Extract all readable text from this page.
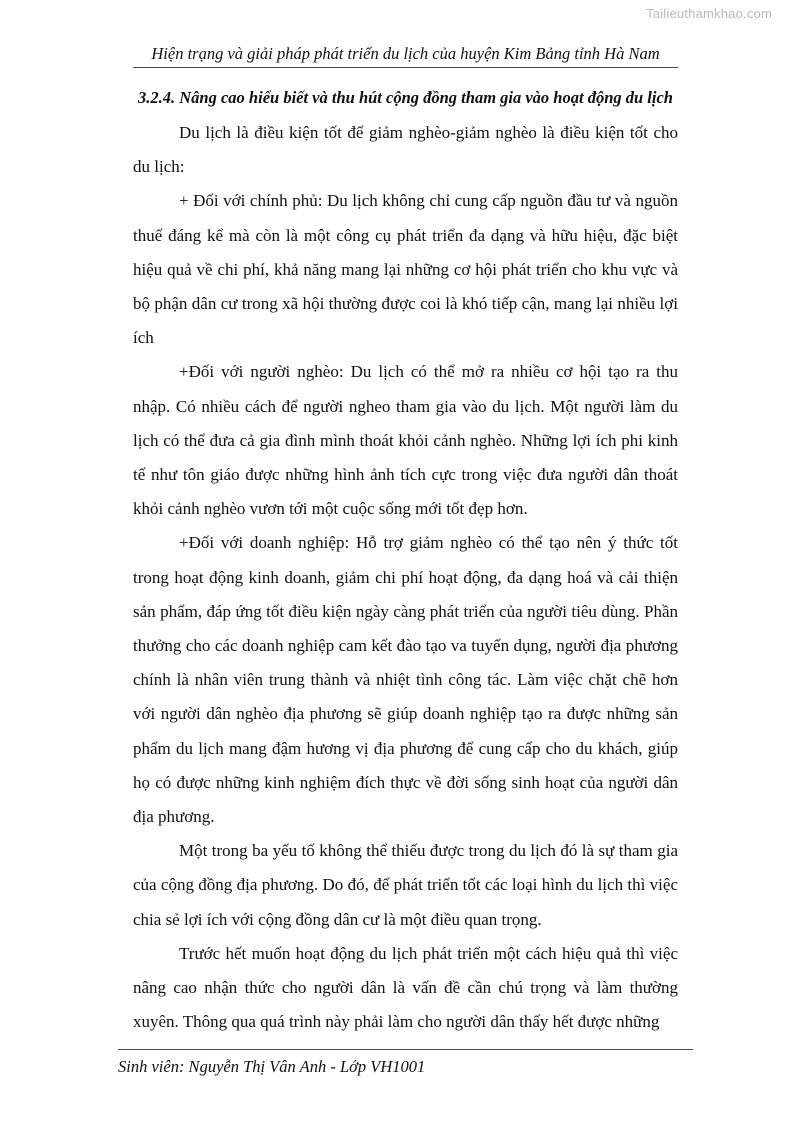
Tailieuthamkhao.com
Hiện trạng và giải pháp phát triển du lịch của huyện Kim Bảng tỉnh Hà Nam
3.2.4. Nâng cao hiểu biết và thu hút cộng đồng tham gia vào hoạt động du lịch

Du lịch là điều kiện tốt để giảm nghèo-giảm nghèo là điều kiện tốt cho du lịch:

+ Đối với chính phủ: Du lịch không chỉ cung cấp nguồn đầu tư và nguồn thuế đáng kể mà còn là một công cụ phát triển đa dạng và hữu hiệu, đặc biệt hiệu quả về chi phí, khả năng mang lại những cơ hội phát triển cho khu vực và bộ phận dân cư trong xã hội thường được coi là khó tiếp cận, mang lại nhiều lợi ích

+Đối với người nghèo: Du lịch có thể mở ra nhiều cơ hội tạo ra thu nhập. Có nhiều cách để người ngheo tham gia vào du lịch. Một người làm du lịch có thể đưa cả gia đình mình thoát khỏi cảnh nghèo. Những lợi ích phi kinh tế như tôn giáo được những hình ảnh tích cực trong việc đưa người dân thoát khỏi cảnh nghèo vươn tới một cuộc sống mới tốt đẹp hơn.

+Đối với doanh nghiệp: Hỗ trợ giảm nghèo có thể tạo nên ý thức tốt trong hoạt động kinh doanh, giảm chi phí hoạt động, đa dạng hoá và cải thiện sản phẩm, đáp ứng tốt điều kiện ngày càng phát triển của người tiêu dùng. Phần thưởng cho các doanh nghiệp cam kết đào tạo va tuyển dụng, người địa phương chính là nhân viên trung thành và nhiệt tình công tác. Làm việc chặt chẽ hơn với người dân nghèo địa phương sẽ giúp doanh nghiệp tạo ra được những sản phẩm du lịch mang đậm hương vị địa phương để cung cấp cho du khách, giúp họ có được những kinh nghiệm đích thực về đời sống sinh hoạt của người dân địa phương.

Một trong ba yếu tố không thể thiếu được trong du lịch đó là sự tham gia của cộng đồng địa phương. Do đó, để phát triển tốt các loại hình du lịch thì việc chia sẻ lợi ích với cộng đồng dân cư là một điều quan trọng.

Trước hết muốn hoạt động du lịch phát triển một cách hiệu quả thì việc nâng cao nhận thức cho người dân là vấn đề cần chú trọng và làm thường xuyên. Thông qua quá trình này phải làm cho người dân thấy hết được những

Sinh viên: Nguyễn Thị Vân Anh - Lớp VH1001
